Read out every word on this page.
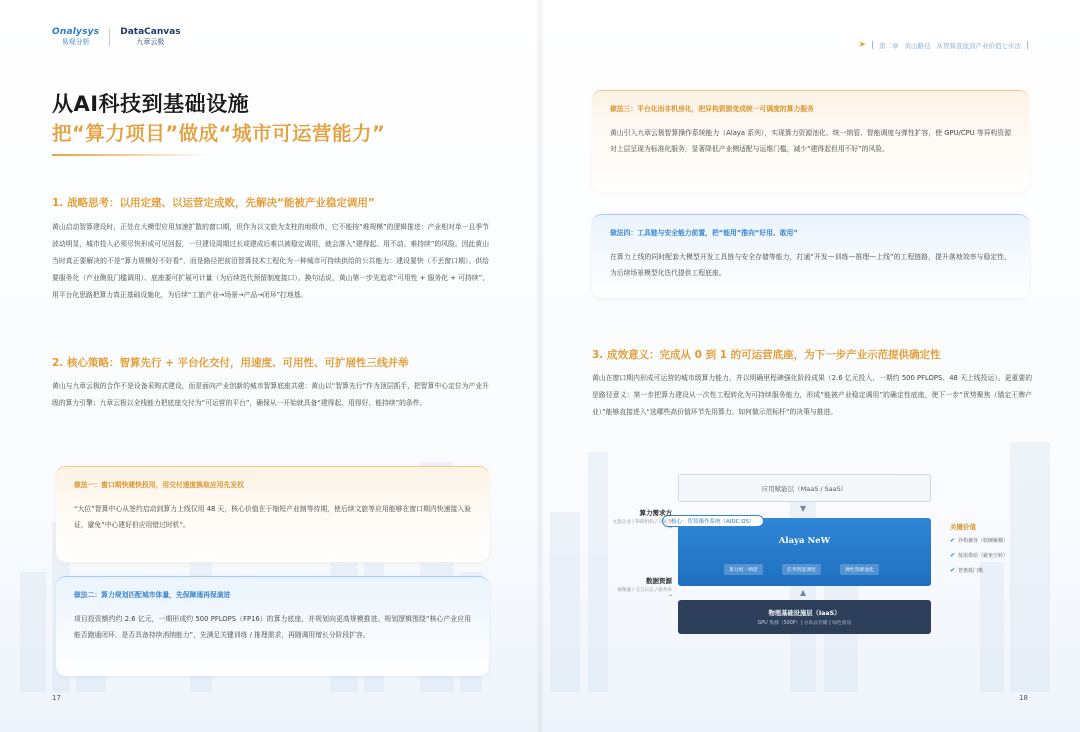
Onalysys
易观分析
DataCanvas
九章云极
从AI科技到基础设施
把“算力项目”做成“城市可运营能力”
1. 战略思考：以用定建、以运营定成败，先解决“能被产业稳定调用”
黄山启动智算建设时，正处在大模型应用加速扩散的窗口期，但作为以文旅为支柱的地级市，它不能按“堆规模”的逻辑推进：产业相对单一且季节波动明显，城市投入必须尽快形成可见回报，一旦建设周期过长或建成后难以被稳定调用，就会落入“建得起、用不动、难持续”的风险。因此黄山当时真正要解决的不是“算力规模好不好看”，而是路径把前沿智算技术工程化为一种城市可持续供给的公共能力：建设要快（不丢窗口期）、供给要服务化（产业侧低门槛调用）、底座要可扩展可计量（为后续迭代预留制度接口）。换句话说，黄山第一步先追求“可用性 + 服务化 + 可持续”，用平台化思路把算力真正基础设施化，为后续“工旅产业→场景→产品→闭环”打地基。
2. 核心策略：智算先行 + 平台化交付，用速度、可用性、可扩展性三线并举
黄山与九章云极的合作不是设备采购式建设，而是面向产业创新的城市智算底座共建：黄山以“智算先行”作为顶层抓手，把智算中心定位为产业升级的算力引擎；九章云极以全栈能力把底座交付为“可运营的平台”，确保从一开始就具备“建得起、用得好、能持续”的条件。
做法一：窗口期快建快投用，用交付速度换取应用先发权
“大位”智算中心从签约启动到算力上线仅用 48 天，核心价值在于缩短产业制等待期，使后续文旅等应用能够在窗口期内快速接入验证，避免“中心建好但应用错过时机”。
做法二：算力规划匹配城市体量，先保障通再保演进
项目投资额约约 2.6 亿元，一期形成约 500 PFLOPS（FP16）的算力底座，并规划向更高规模推进。规划逻辑围绕“核心产业应用能否跑通闭环、是否具备持续消纳能力”，先满足关键训练 / 推理需求，再随调用增长分阶段扩容。
17
➤ 第二章 黄山路径 从智算底座到产业价值七步法
做法三：平台化而非机房化，把异构资源变成统一可调度的算力服务
黄山引入九章云极智算操作系统能力（Alaya 系列），实现算力资源池化、统一纳管、智能调度与弹性扩容，使 GPU/CPU 等异构资源对上层呈现为标准化服务，显著降低产业侧适配与运维门槛，减少“建得起但用不好”的风险。
做法四：工具链与安全能力前置，把“能用”推向“好用、敢用”
在算力上线的同时配套大模型开发工具链与安全存储等能力，打通“开发—训练—推理—上线”的工程链路，提升落地效率与稳定性，为后续场景模型化迭代提供工程底座。
3. 成效意义：完成从 0 到 1 的可运营底座，为下一步产业示范提供确定性
黄山在窗口期内形成可运营的城市级算力能力，并以明确里程碑强化阶段成果（2.6 亿元投入、一期约 500 PFLOPS、48 天上线投运）。更重要的是路径意义：第一步把算力建设从一次性工程转化为可持续服务能力，形成“能被产业稳定调用”的确定性底座，使下一步“优势聚焦（锚定王牌产业）”能够直接进入“选哪些高价值环节先用算力、如何做示范标杆”的决策与推进。
应用赋能层（MaaS / SaaS）
▼
Alaya NeW
算力统一纳管	任务智能调度	弹性资源池化
核心：智算操作系统（AIDC OS）
▲
物理基础设施层（IaaS）
GPU 集群（500P）| 分布式存储 | 绿色机房
算力需求方
文旅企业 / 科研机构 / 开发者
→
数据资源
视频流 / 交互日志 / 政务库
→
关键价值
✔ 异构兼容（软硬解耦）
✔ 按需供给（避免空转）
✔ 普惠低门槛
18
